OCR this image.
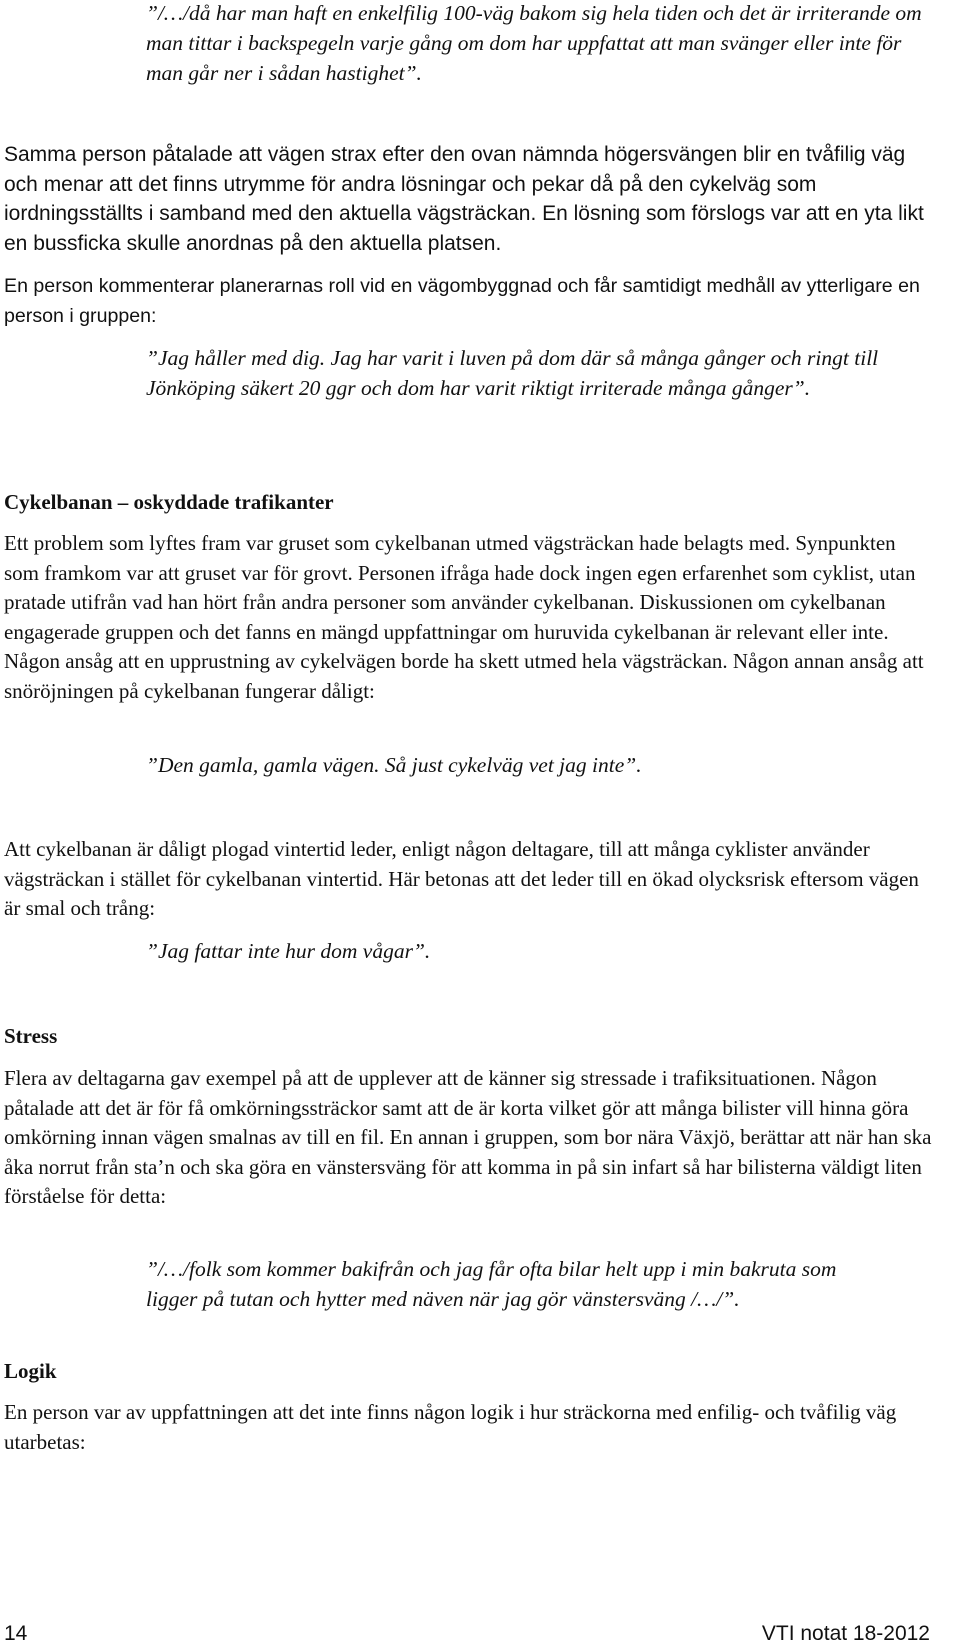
”/…/då har man haft en enkelfilig 100-väg bakom sig hela tiden och det är irriterande om man tittar i backspegeln varje gång om dom har uppfattat att man svänger eller inte för man går ner i sådan hastighet”.

Samma person påtalade att vägen strax efter den ovan nämnda högersvängen blir en tvåfilig väg och menar att det finns utrymme för andra lösningar och pekar då på den cykelväg som iordningsställts i samband med den aktuella vägsträckan. En lösning som förslogs var att en yta likt en bussficka skulle anordnas på den aktuella platsen.

En person kommenterar planerarnas roll vid en vägombyggnad och får samtidigt medhåll av ytterligare en person i gruppen:

”Jag håller med dig. Jag har varit i luven på dom där så många gånger och ringt till Jönköping säkert 20 ggr och dom har varit riktigt irriterade många gånger”.

Cykelbanan – oskyddade trafikanter

Ett problem som lyftes fram var gruset som cykelbanan utmed vägsträckan hade belagts med. Synpunkten som framkom var att gruset var för grovt. Personen ifråga hade dock ingen egen erfarenhet som cyklist, utan pratade utifrån vad han hört från andra personer som använder cykelbanan. Diskussionen om cykelbanan engagerade gruppen och det fanns en mängd uppfattningar om huruvida cykelbanan är relevant eller inte. Någon ansåg att en upprustning av cykelvägen borde ha skett utmed hela vägsträckan. Någon annan ansåg att snöröjningen på cykelbanan fungerar dåligt:

”Den gamla, gamla vägen. Så just cykelväg vet jag inte”.

Att cykelbanan är dåligt plogad vintertid leder, enligt någon deltagare, till att många cyklister använder vägsträckan i stället för cykelbanan vintertid. Här betonas att det leder till en ökad olycksrisk eftersom vägen är smal och trång:

”Jag fattar inte hur dom vågar”.

Stress

Flera av deltagarna gav exempel på att de upplever att de känner sig stressade i trafiksituationen. Någon påtalade att det är för få omkörningssträckor samt att de är korta vilket gör att många bilister vill hinna göra omkörning innan vägen smalnas av till en fil. En annan i gruppen, som bor nära Växjö, berättar att när han ska åka norrut från sta’n och ska göra en vänstersväng för att komma in på sin infart så har bilisterna väldigt liten förståelse för detta:

”/…/folk som kommer bakifrån och jag får ofta bilar helt upp i min bakruta som ligger på tutan och hytter med näven när jag gör vänstersväng /…/”.

Logik

En person var av uppfattningen att det inte finns någon logik i hur sträckorna med enfilig- och tvåfilig väg utarbetas:

14	VTI notat 18-2012
